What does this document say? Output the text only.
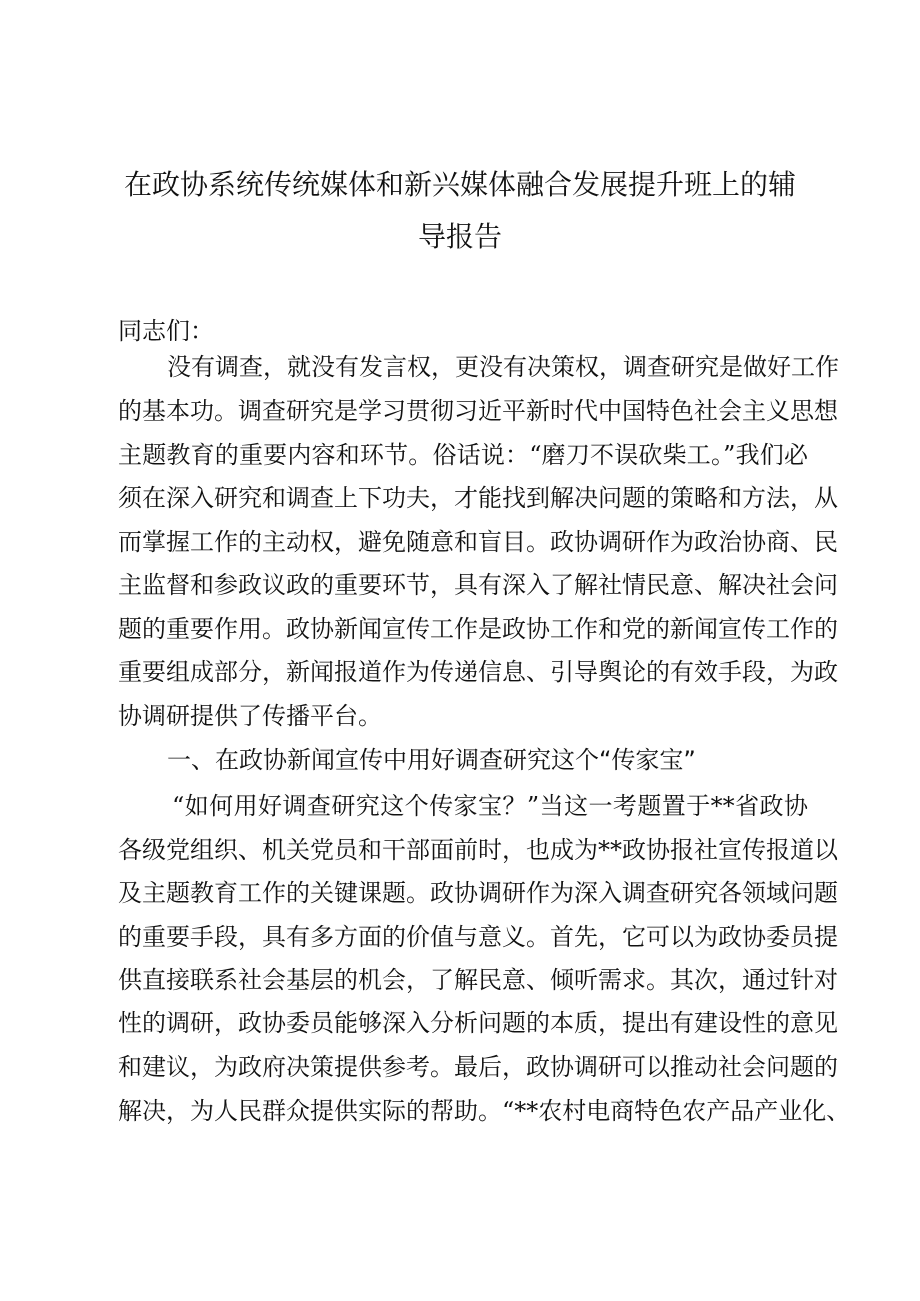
在政协系统传统媒体和新兴媒体融合发展提升班上的辅
导报告
同志们：
没有调查，就没有发言权，更没有决策权，调查研究是做好工作
的基本功。调查研究是学习贯彻习近平新时代中国特色社会主义思想
主题教育的重要内容和环节。俗话说：“磨刀不误砍柴工。”我们必
须在深入研究和调查上下功夫，才能找到解决问题的策略和方法，从
而掌握工作的主动权，避免随意和盲目。政协调研作为政治协商、民
主监督和参政议政的重要环节，具有深入了解社情民意、解决社会问
题的重要作用。政协新闻宣传工作是政协工作和党的新闻宣传工作的
重要组成部分，新闻报道作为传递信息、引导舆论的有效手段，为政
协调研提供了传播平台。
一、在政协新闻宣传中用好调查研究这个“传家宝”
“如何用好调查研究这个传家宝？”当这一考题置于**省政协
各级党组织、机关党员和干部面前时，也成为**政协报社宣传报道以
及主题教育工作的关键课题。政协调研作为深入调查研究各领域问题
的重要手段，具有多方面的价值与意义。首先，它可以为政协委员提
供直接联系社会基层的机会，了解民意、倾听需求。其次，通过针对
性的调研，政协委员能够深入分析问题的本质，提出有建设性的意见
和建议，为政府决策提供参考。最后，政协调研可以推动社会问题的
解决，为人民群众提供实际的帮助。“**农村电商特色农产品产业化、
